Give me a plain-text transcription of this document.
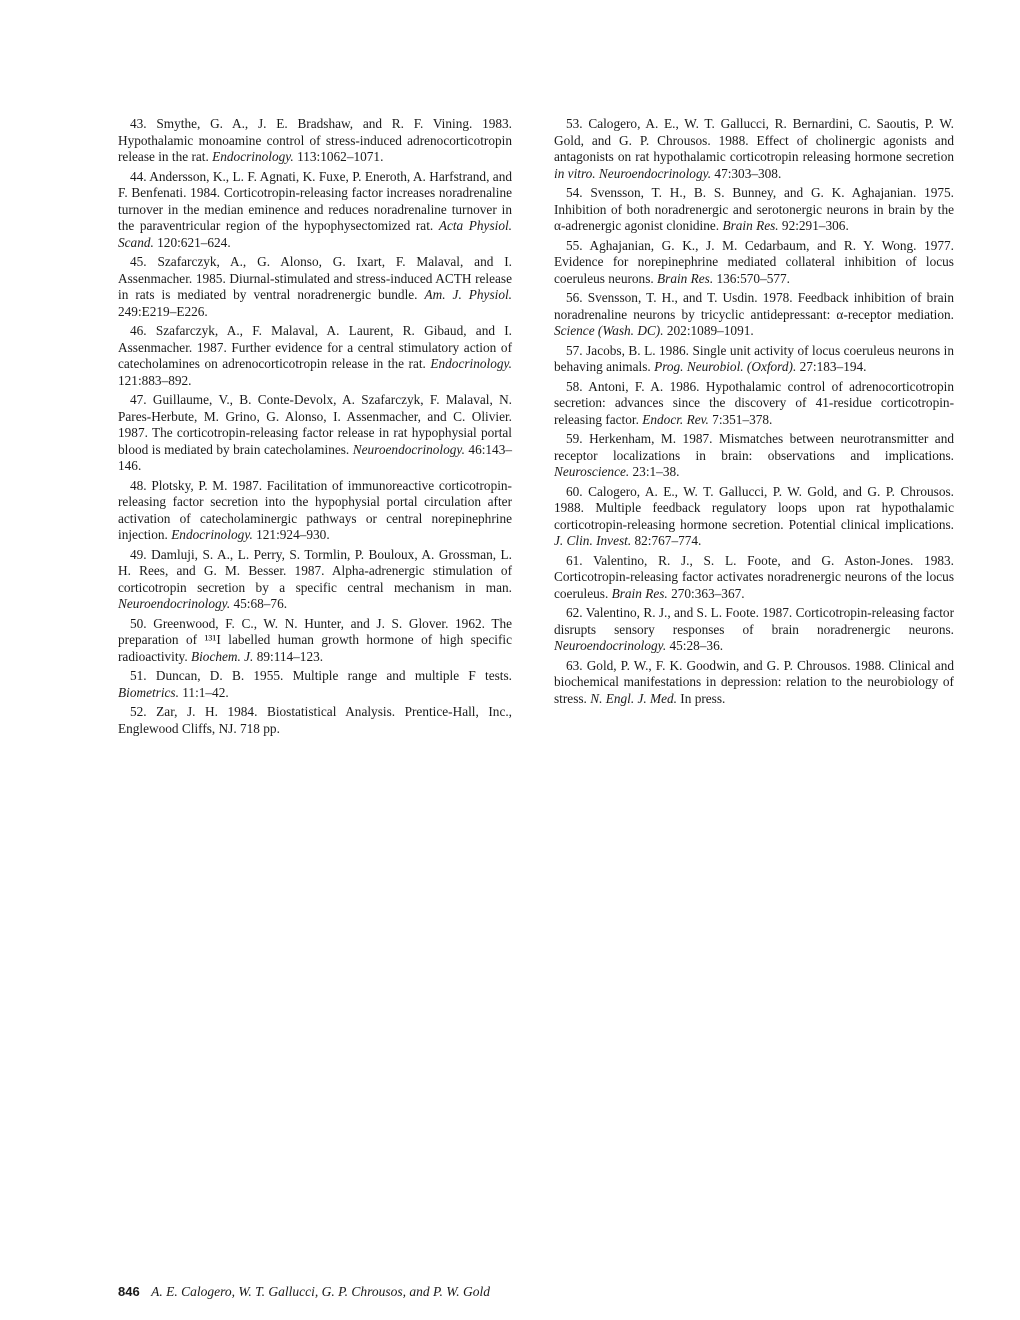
43. Smythe, G. A., J. E. Bradshaw, and R. F. Vining. 1983. Hypothalamic monoamine control of stress-induced adrenocorticotropin release in the rat. Endocrinology. 113:1062–1071.

44. Andersson, K., L. F. Agnati, K. Fuxe, P. Eneroth, A. Harfstrand, and F. Benfenati. 1984. Corticotropin-releasing factor increases noradrenaline turnover in the median eminence and reduces noradrenaline turnover in the paraventricular region of the hypophysectomized rat. Acta Physiol. Scand. 120:621–624.

45. Szafarczyk, A., G. Alonso, G. Ixart, F. Malaval, and I. Assenmacher. 1985. Diurnal-stimulated and stress-induced ACTH release in rats is mediated by ventral noradrenergic bundle. Am. J. Physiol. 249:E219–E226.

46. Szafarczyk, A., F. Malaval, A. Laurent, R. Gibaud, and I. Assenmacher. 1987. Further evidence for a central stimulatory action of catecholamines on adrenocorticotropin release in the rat. Endocrinology. 121:883–892.

47. Guillaume, V., B. Conte-Devolx, A. Szafarczyk, F. Malaval, N. Pares-Herbute, M. Grino, G. Alonso, I. Assenmacher, and C. Olivier. 1987. The corticotropin-releasing factor release in rat hypophysial portal blood is mediated by brain catecholamines. Neuroendocrinology. 46:143–146.

48. Plotsky, P. M. 1987. Facilitation of immunoreactive corticotropin-releasing factor secretion into the hypophysial portal circulation after activation of catecholaminergic pathways or central norepinephrine injection. Endocrinology. 121:924–930.

49. Damluji, S. A., L. Perry, S. Tormlin, P. Bouloux, A. Grossman, L. H. Rees, and G. M. Besser. 1987. Alpha-adrenergic stimulation of corticotropin secretion by a specific central mechanism in man. Neuroendocrinology. 45:68–76.

50. Greenwood, F. C., W. N. Hunter, and J. S. Glover. 1962. The preparation of ¹³¹I labelled human growth hormone of high specific radioactivity. Biochem. J. 89:114–123.

51. Duncan, D. B. 1955. Multiple range and multiple F tests. Biometrics. 11:1–42.

52. Zar, J. H. 1984. Biostatistical Analysis. Prentice-Hall, Inc., Englewood Cliffs, NJ. 718 pp.

53. Calogero, A. E., W. T. Gallucci, R. Bernardini, C. Saoutis, P. W. Gold, and G. P. Chrousos. 1988. Effect of cholinergic agonists and antagonists on rat hypothalamic corticotropin releasing hormone secretion in vitro. Neuroendocrinology. 47:303–308.

54. Svensson, T. H., B. S. Bunney, and G. K. Aghajanian. 1975. Inhibition of both noradrenergic and serotonergic neurons in brain by the α-adrenergic agonist clonidine. Brain Res. 92:291–306.

55. Aghajanian, G. K., J. M. Cedarbaum, and R. Y. Wong. 1977. Evidence for norepinephrine mediated collateral inhibition of locus coeruleus neurons. Brain Res. 136:570–577.

56. Svensson, T. H., and T. Usdin. 1978. Feedback inhibition of brain noradrenaline neurons by tricyclic antidepressant: α-receptor mediation. Science (Wash. DC). 202:1089–1091.

57. Jacobs, B. L. 1986. Single unit activity of locus coeruleus neurons in behaving animals. Prog. Neurobiol. (Oxford). 27:183–194.

58. Antoni, F. A. 1986. Hypothalamic control of adrenocorticotropin secretion: advances since the discovery of 41-residue corticotropin-releasing factor. Endocr. Rev. 7:351–378.

59. Herkenham, M. 1987. Mismatches between neurotransmitter and receptor localizations in brain: observations and implications. Neuroscience. 23:1–38.

60. Calogero, A. E., W. T. Gallucci, P. W. Gold, and G. P. Chrousos. 1988. Multiple feedback regulatory loops upon rat hypothalamic corticotropin-releasing hormone secretion. Potential clinical implications. J. Clin. Invest. 82:767–774.

61. Valentino, R. J., S. L. Foote, and G. Aston-Jones. 1983. Corticotropin-releasing factor activates noradrenergic neurons of the locus coeruleus. Brain Res. 270:363–367.

62. Valentino, R. J., and S. L. Foote. 1987. Corticotropin-releasing factor disrupts sensory responses of brain noradrenergic neurons. Neuroendocrinology. 45:28–36.

63. Gold, P. W., F. K. Goodwin, and G. P. Chrousos. 1988. Clinical and biochemical manifestations in depression: relation to the neurobiology of stress. N. Engl. J. Med. In press.

846 A. E. Calogero, W. T. Gallucci, G. P. Chrousos, and P. W. Gold
